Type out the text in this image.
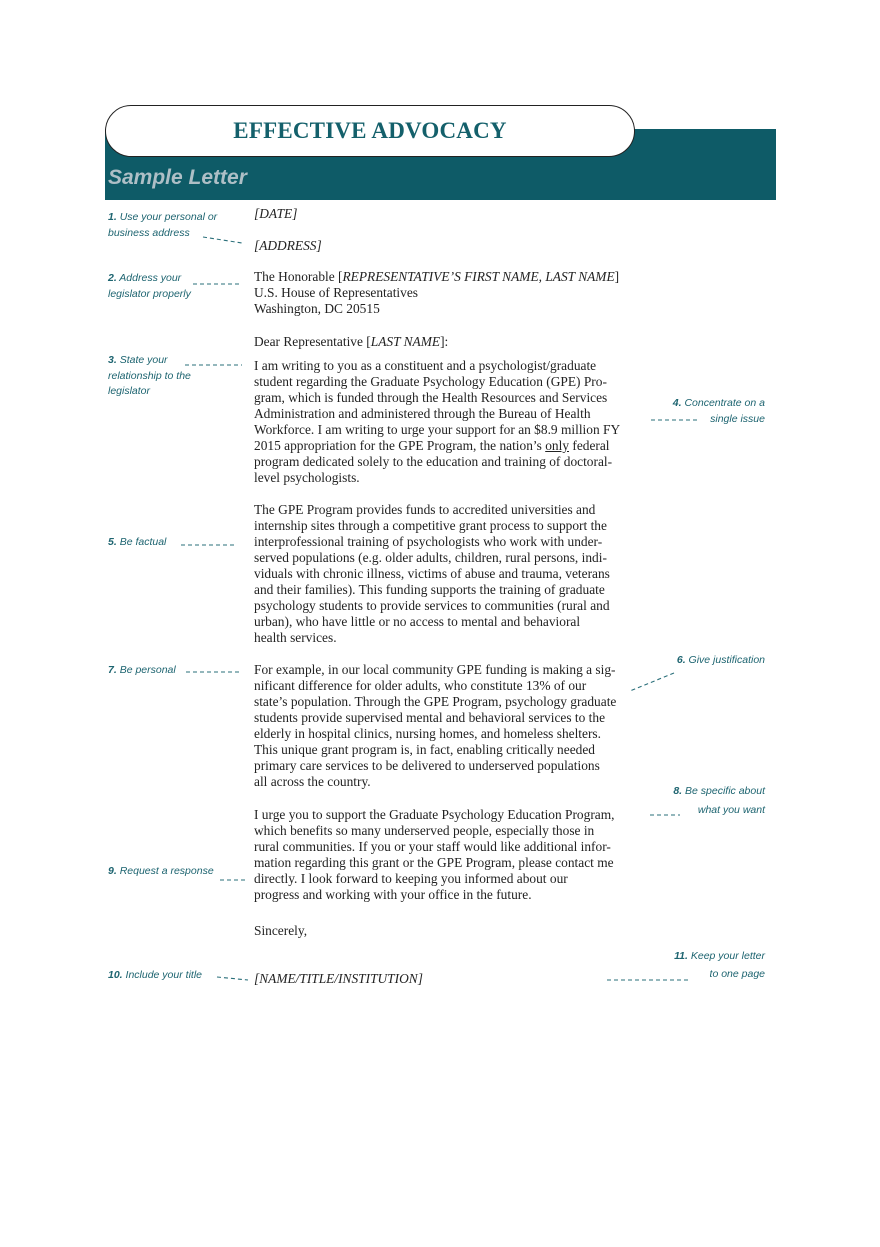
EFFECTIVE ADVOCACY
Sample Letter
[DATE]
[ADDRESS]
The Honorable [REPRESENTATIVE’S FIRST NAME, LAST NAME]
U.S. House of Representatives
Washington, DC 20515
Dear Representative [LAST NAME]:
I am writing to you as a constituent and a psychologist/graduate
student regarding the Graduate Psychology Education (GPE) Pro-
gram, which is funded through the Health Resources and Services
Administration and administered through the Bureau of Health
Workforce. I am writing to urge your support for an $8.9 million FY
program dedicated solely to the education and training of doctoral-
level psychologists.
2015 appropriation for the GPE Program, the nation’s only federal
The GPE Program provides funds to accredited universities and
internship sites through a competitive grant process to support the
interprofessional training of psychologists who work with under-
served populations (e.g. older adults, children, rural persons, indi-
viduals with chronic illness, victims of abuse and trauma, veterans
and their families). This funding supports the training of graduate
psychology students to provide services to communities (rural and
urban), who have little or no access to mental and behavioral
health services.
For example, in our local community GPE funding is making a sig-
nificant difference for older adults, who constitute 13% of our
state’s population. Through the GPE Program, psychology graduate
students provide supervised mental and behavioral services to the
elderly in hospital clinics, nursing homes, and homeless shelters.
This unique grant program is, in fact, enabling critically needed
primary care services to be delivered to underserved populations
all across the country.
I urge you to support the Graduate Psychology Education Program,
which benefits so many underserved people, especially those in
rural communities. If you or your staff would like additional infor-
mation regarding this grant or the GPE Program, please contact me
directly. I look forward to keeping you informed about our
progress and working with your office in the future.
Sincerely,
[NAME/TITLE/INSTITUTION]
1. Use your personal or
business address
2. Address your
legislator properly
3. State your
relationship to the
legislator
4. Concentrate on a
single issue
5. Be factual
6. Give justification
7. Be personal
8. Be specific about
what you want
9. Request a response
10. Include your title
11. Keep your letter
to one page
